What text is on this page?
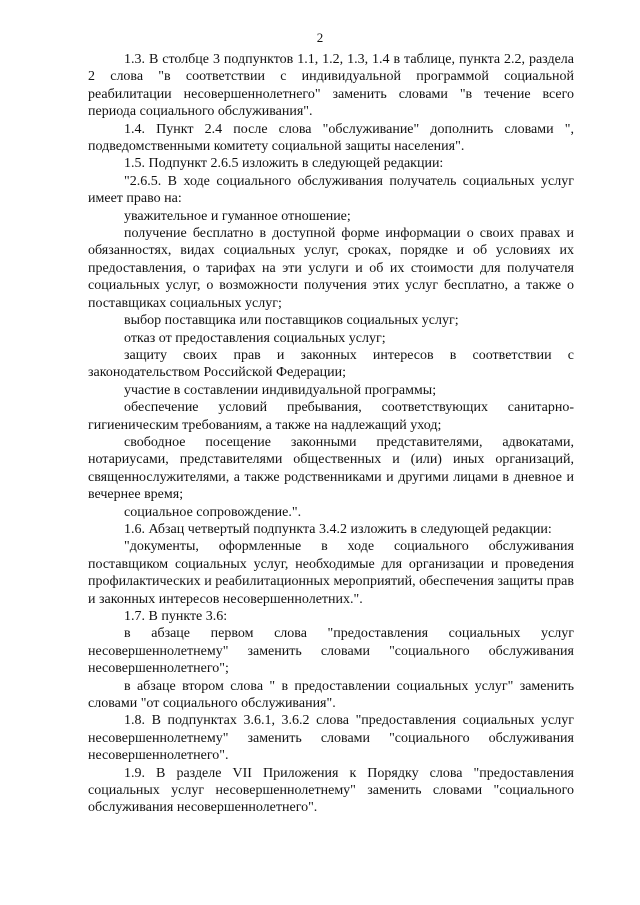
2

1.3. В столбце 3 подпунктов 1.1, 1.2, 1.3, 1.4 в таблице, пункта 2.2, раздела 2 слова "в соответствии с индивидуальной программой социальной реабилитации несовершеннолетнего" заменить словами "в течение всего периода социального обслуживания".

1.4. Пункт 2.4 после слова "обслуживание" дополнить словами ", подведомственными комитету социальной защиты населения".

1.5. Подпункт 2.6.5 изложить в следующей редакции:

"2.6.5. В ходе социального обслуживания получатель социальных услуг имеет право на:

уважительное и гуманное отношение;

получение бесплатно в доступной форме информации о своих правах и обязанностях, видах социальных услуг, сроках, порядке и об условиях их предоставления, о тарифах на эти услуги и об их стоимости для получателя социальных услуг, о возможности получения этих услуг бесплатно, а также о поставщиках социальных услуг;

выбор поставщика или поставщиков социальных услуг;

отказ от предоставления социальных услуг;

защиту своих прав и законных интересов в соответствии с законодательством Российской Федерации;

участие в составлении индивидуальной программы;

обеспечение условий пребывания, соответствующих санитарно-гигиеническим требованиям, а также на надлежащий уход;

свободное посещение законными представителями, адвокатами, нотариусами, представителями общественных и (или) иных организаций, священнослужителями, а также родственниками и другими лицами в дневное и вечернее время;

социальное сопровождение.".

1.6. Абзац четвертый подпункта 3.4.2 изложить в следующей редакции:

"документы, оформленные в ходе социального обслуживания поставщиком социальных услуг, необходимые для организации и проведения профилактических и реабилитационных мероприятий, обеспечения защиты прав и законных интересов несовершеннолетних.".

1.7. В пункте 3.6:

в абзаце первом слова "предоставления социальных услуг несовершеннолетнему" заменить словами "социального обслуживания несовершеннолетнего";

в абзаце втором слова " в предоставлении социальных услуг" заменить словами "от социального обслуживания".

1.8. В подпунктах 3.6.1, 3.6.2 слова "предоставления социальных услуг несовершеннолетнему" заменить словами "социального обслуживания несовершеннолетнего".

1.9. В разделе VII Приложения к Порядку слова "предоставления социальных услуг несовершеннолетнему" заменить словами "социального обслуживания несовершеннолетнего".
